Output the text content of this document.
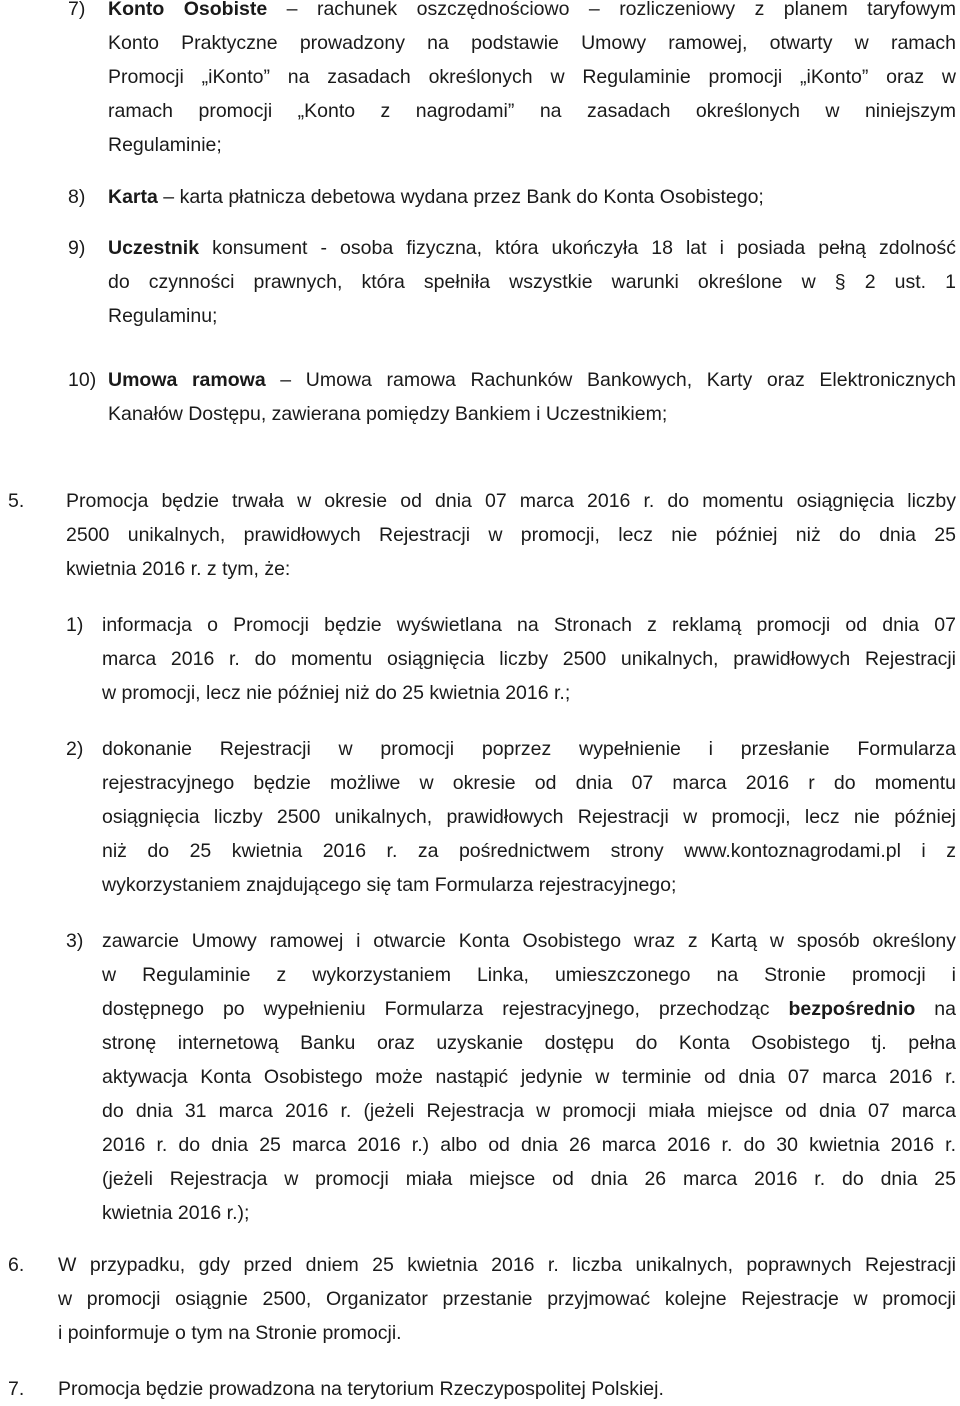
7) Konto Osobiste – rachunek oszczędnościowo – rozliczeniowy z planem taryfowym
Konto Praktyczne prowadzony na podstawie Umowy ramowej, otwarty w ramach
Promocji „iKonto” na zasadach określonych w Regulaminie promocji „iKonto” oraz w
ramach promocji „Konto z nagrodami” na zasadach określonych w niniejszym
Regulaminie;
8) Karta – karta płatnicza debetowa wydana przez Bank do Konta Osobistego;
9) Uczestnik konsument - osoba fizyczna, która ukończyła 18 lat i posiada pełną zdolność
do czynności prawnych, która spełniła wszystkie warunki określone w § 2 ust. 1
Regulaminu;
10) Umowa ramowa – Umowa ramowa Rachunków Bankowych, Karty oraz Elektronicznych
Kanałów Dostępu, zawierana pomiędzy Bankiem i Uczestnikiem;
5. Promocja będzie trwała w okresie od dnia 07 marca 2016 r. do momentu osiągnięcia liczby
2500 unikalnych, prawidłowych Rejestracji w promocji, lecz nie później niż do dnia 25
kwietnia 2016 r. z tym, że:
1) informacja o Promocji będzie wyświetlana na Stronach z reklamą promocji od dnia 07
marca 2016 r. do momentu osiągnięcia liczby 2500 unikalnych, prawidłowych Rejestracji
w promocji, lecz nie później niż do 25 kwietnia 2016 r.;
2) dokonanie Rejestracji w promocji poprzez wypełnienie i przesłanie Formularza
rejestracyjnego będzie możliwe w okresie od dnia 07 marca 2016 r do momentu
osiągnięcia liczby 2500 unikalnych, prawidłowych Rejestracji w promocji, lecz nie później
niż do 25 kwietnia 2016 r. za pośrednictwem strony www.kontoznagrodami.pl i z
wykorzystaniem znajdującego się tam Formularza rejestracyjnego;
3) zawarcie Umowy ramowej i otwarcie Konta Osobistego wraz z Kartą w sposób określony
w Regulaminie z wykorzystaniem Linka, umieszczonego na Stronie promocji i
dostępnego po wypełnieniu Formularza rejestracyjnego, przechodząc bezpośrednio na
stronę internetową Banku oraz uzyskanie dostępu do Konta Osobistego tj. pełna
aktywacja Konta Osobistego może nastąpić jedynie w terminie od dnia 07 marca 2016 r.
do dnia 31 marca 2016 r. (jeżeli Rejestracja w promocji miała miejsce od dnia 07 marca
2016 r. do dnia 25 marca 2016 r.) albo od dnia 26 marca 2016 r. do 30 kwietnia 2016 r.
(jeżeli Rejestracja w promocji miała miejsce od dnia 26 marca 2016 r. do dnia 25
kwietnia 2016 r.);
6. W przypadku, gdy przed dniem 25 kwietnia 2016 r. liczba unikalnych, poprawnych Rejestracji
w promocji osiągnie 2500, Organizator przestanie przyjmować kolejne Rejestracje w promocji
i poinformuje o tym na Stronie promocji.
7. Promocja będzie prowadzona na terytorium Rzeczypospolitej Polskiej.
